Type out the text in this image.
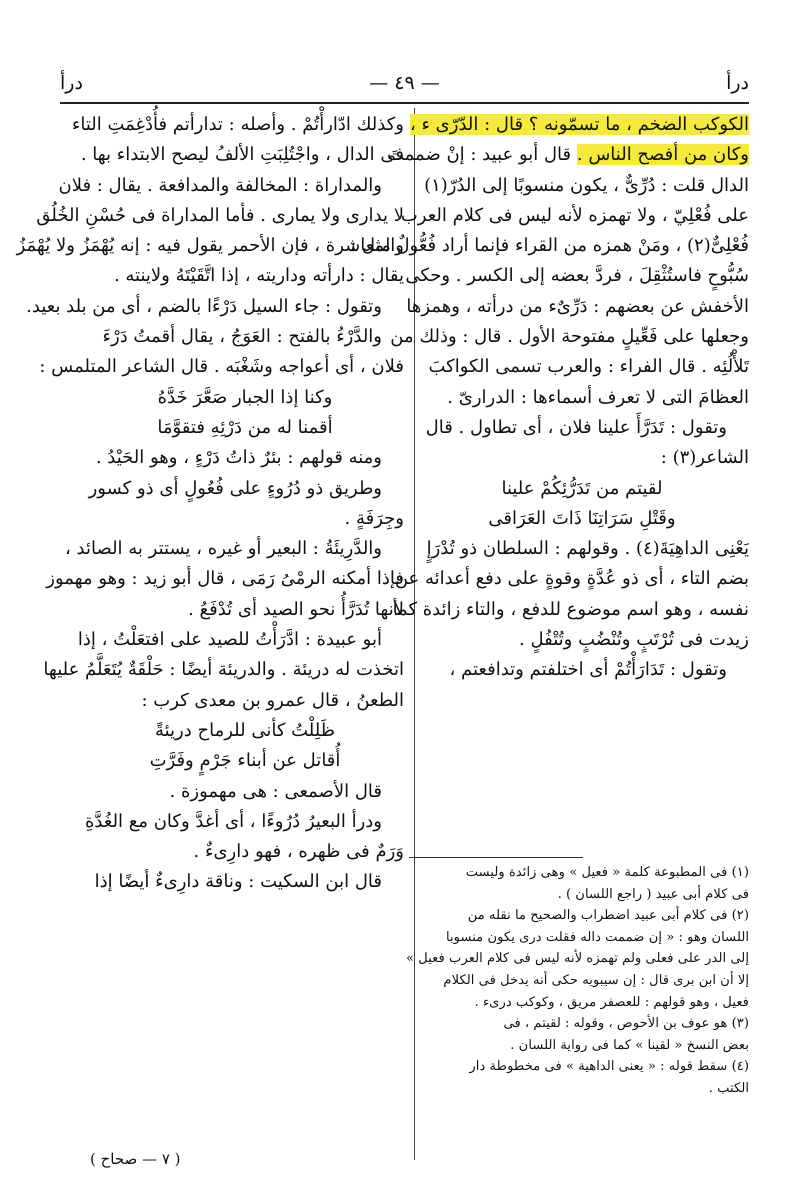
درأ
— ٤٩ —
درأ
الكوكب الضخم ، ما تسمّونه ؟ قال : الدّرّى ء ،
وكان من أفصح الناس . قال أبو عبيد : إنْ ضممتَ
الدال قلت : دُرِّىٌّ ، يكون منسوبًا إلى الدُرّ(١)
على فُعْلِيّ ، ولا تهمزه لأنه ليس فى كلام العرب
فُعْلِىٌّ(٢) ، ومَنْ همزه من القراء فإنما أراد فُعُّولٌ مثل :
سُبُّوحٍ فاستُثْقِلَ ، فردَّ بعضه إلى الكسر . وحكى
الأخفش عن بعضهم : دَرِّىٌء من درأته ، وهمزها
وجعلها على فَعِّيلٍ مفتوحة الأول . قال : وذلك من
تَلأْلُئِه . قال الفراء : والعرب تسمى الكواكبَ
العظامَ التى لا تعرف أسماءها : الدرارىّ .
وتقول : تَدَرَّأَ علينا فلان ، أى تطاول . قال
الشاعر(٣) :
لقيتم من تَدَرُّئِكُمْ علينا
وقَتْلِ سَرَاتِنَا ذَاتَ العَرَاقى
يَعْنِى الداهِيَةَ(٤) . وقولهم : السلطان ذو تُدْرَإٍ
بضم التاء ، أى ذو عُدَّةٍ وقوةٍ على دفع أعدائه عن
نفسه ، وهو اسم موضوع للدفع ، والتاء زائدة كما
زيدت فى تُرْتَبٍ وتُنْضُبٍ وتُتْفُلٍ .
وتقول : تَدَارَأْتُمْ أى اختلفتم وتدافعتم ،
وكذلك ادّارأْتُمْ . وأصله : تدارأتم فأُدْغِمَتِ التاء
فى الدال ، واجْتُلِبَتِ الألفُ ليصح الابتداء بها .
والمداراة : المخالفة والمدافعة . يقال : فلان
لا يدارى ولا يمارى . فأما المداراة فى حُسْنِ الخُلُق
والمعاشرة ، فإن الأحمر يقول فيه : إنه يُهْمَزُ ولا يُهْمَزُ
يقال : دارأته وداريته ، إذا اتَّقَيْتَهُ ولاينته .
وتقول : جاء السيل دَرْءًا بالضم ، أى من بلد بعيد.
والدَّرْءُ بالفتح : العَوَجُ ، يقال أقمتُ دَرْءَ
فلان ، أى أعواجه وشَغْبَه . قال الشاعر المتلمس :
وكنا إذا الجبار صَعَّرَ خَدَّهُ
أقمنا له من دَرْئِهِ فتقوَّمَا
ومنه قولهم : بئرٌ ذاتُ دَرْءٍ ، وهو الحَيْدُ .
وطريق ذو دُرُوءٍ على فُعُولٍ أى ذو كسور
وجِرَفَةٍ .
والدَّرِيئَةُ : البعير أو غيره ، يستتر به الصائد ،
فإذا أمكنه الرمْىُ رَمَى ، قال أبو زيد : وهو مهموز
لأنها تُدَرَّأُ نحو الصيد أى تُدْفَعُ .
أبو عبيدة : ادَّرَأْتُ للصيد على افتعَلْتُ ، إذا
اتخذت له دريئة . والدريئة أيضًا : حَلْقَةٌ يُتَعَلَّمُ عليها
الطعنُ ، قال عمرو بن معدى كرب :
ظَلِلْتُ كأنى للرماح دريئةً
أُقاتل عن أبناء جَرْمٍ وفَرَّتِ
قال الأصمعى : هى مهموزة .
ودرأ البعيرُ دُرُوءًا ، أى أغدَّ وكان مع الغُدَّةِ
وَرَمٌ فى ظهره ، فهو دارِىءٌ .
قال ابن السكيت : وناقة دارِىءٌ أيضًا إذا	(١) فى المطبوعة كلمة « فعيل » وهى زائدة وليست
فى كلام أبى عبيد ( راجع اللسان ) .
(٢) فى كلام أبى عبيد اضطراب والصحيح ما نقله من
اللسان وهو : « إن ضممت داله فقلت درى يكون منسوبا
إلى الدر على فعلى ولم تهمزه لأنه ليس فى كلام العرب فعيل »
إلا أن ابن برى قال : إن سيبويه حكى أنه يدخل فى الكلام
فعيل ، وهو قولهم : للعصفر مريق ، وكوكب درىء .
(٣) هو عوف بن الأحوص ، وقوله : لقيتم ، فى
بعض النسخ « لقينا » كما فى رواية اللسان .
(٤) سقط قوله : « يعنى الداهية » فى مخطوطة دار
الكتب .
( ٧ — صحاح )
